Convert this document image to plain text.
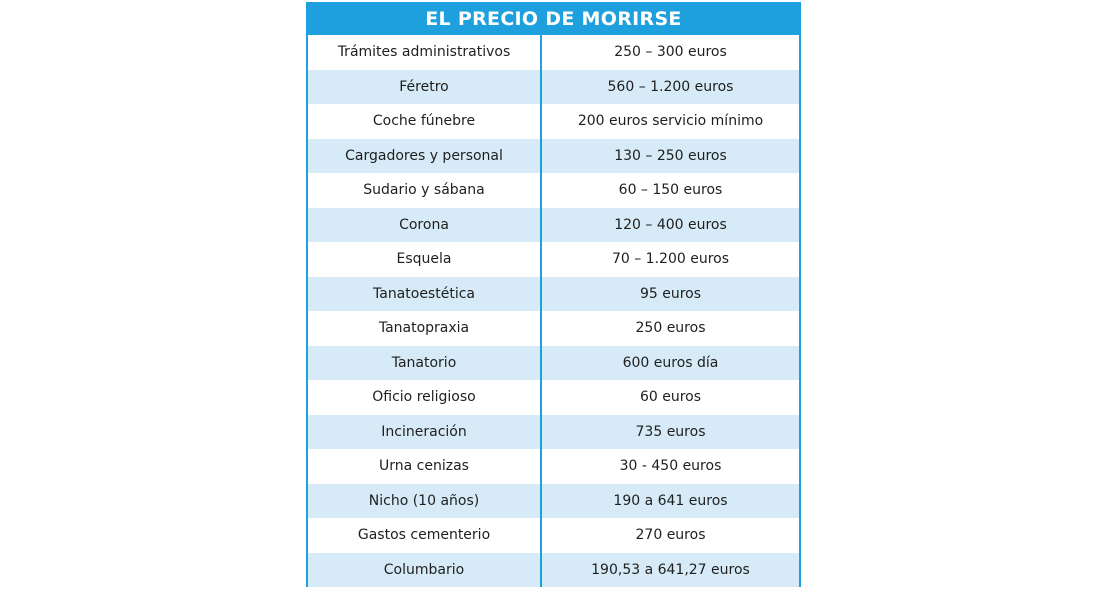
EL PRECIO DE MORIRSE
Trámites administrativos	250 – 300 euros
Féretro	560 – 1.200 euros
Coche fúnebre	200 euros servicio mínimo
Cargadores y personal	130 – 250 euros
Sudario y sábana	60 – 150 euros
Corona	120 – 400 euros
Esquela	70 – 1.200 euros
Tanatoestética	95 euros
Tanatopraxia	250 euros
Tanatorio	600 euros día
Oficio religioso	60 euros
Incineración	735 euros
Urna cenizas	30 - 450 euros
Nicho (10 años)	190 a 641 euros
Gastos cementerio	270 euros
Columbario	190,53 a 641,27 euros
